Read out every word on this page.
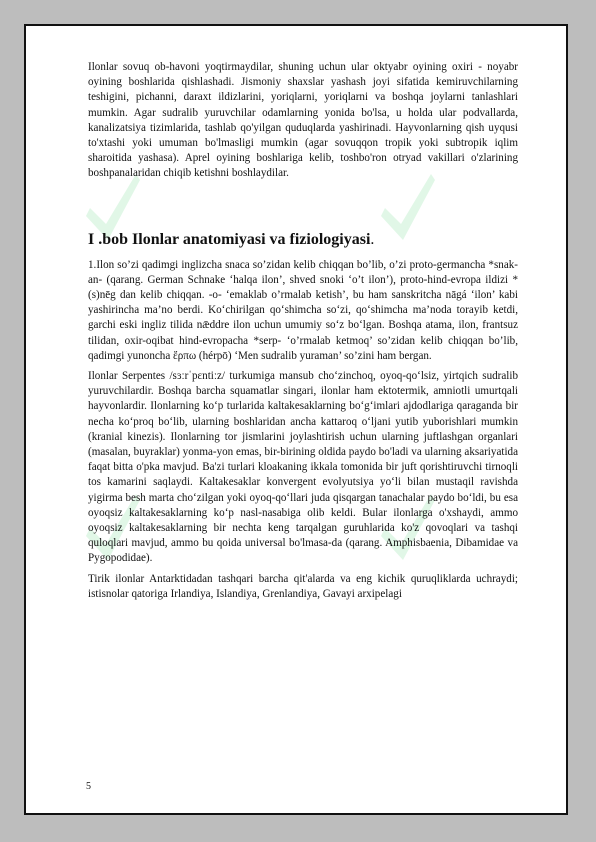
Ilonlar sovuq ob-havoni yoqtirmaydilar, shuning uchun ular oktyabr oyining oxiri - noyabr oyining boshlarida qishlashadi. Jismoniy shaxslar yashash joyi sifatida kemiruvchilarning teshigini, pichanni, daraxt ildizlarini, yoriqlarni, yoriqlarni va boshqa joylarni tanlashlari mumkin. Agar sudralib yuruvchilar odamlarning yonida bo'lsa, u holda ular podvallarda, kanalizatsiya tizimlarida, tashlab qo'yilgan quduqlarda yashirinadi. Hayvonlarning qish uyqusi to'xtashi yoki umuman bo'lmasligi mumkin (agar sovuqqon tropik yoki subtropik iqlim sharoitida yashasa). Aprel oyining boshlariga kelib, toshbo'ron otryad vakillari o'zlarining boshpanalaridan chiqib ketishni boshlaydilar.

I .bob Ilonlar anatomiyasi va fiziologiyasi.

1.Ilon so’zi qadimgi inglizcha snaca so’zidan kelib chiqqan bo’lib, o’zi proto-germancha *snak-an- (qarang. German Schnake ‘halqa ilon’, shved snoki ‘o’t ilon’), proto-hind-evropa ildizi *(s)nēg dan kelib chiqqan. -o- ‘emaklab o’rmalab ketish’, bu ham sanskritcha nāgá ‘ilon’ kabi yashirincha ma’no berdi. Ko‘chirilgan qo‘shimcha so‘zi, qo‘shimcha ma’noda torayib ketdi, garchi eski ingliz tilida nǣddre ilon uchun umumiy so‘z bo‘lgan. Boshqa atama, ilon, frantsuz tilidan, oxir-oqibat hind-evropacha *serp- ‘o’rmalab ketmoq’ so’zidan kelib chiqqan bo’lib, qadimgi yunoncha ἕρπω (hérpō) ‘Men sudralib yuraman’ so’zini ham bergan.

Ilonlar Serpentes /sɜːrˈpɛntiːz/ turkumiga mansub cho‘zinchoq, oyoq-qo‘lsiz, yirtqich sudralib yuruvchilardir. Boshqa barcha squamatlar singari, ilonlar ham ektotermik, amniotli umurtqali hayvonlardir. Ilonlarning ko‘p turlarida kaltakesaklarning bo‘g‘imlari ajdodlariga qaraganda bir necha ko‘proq bo‘lib, ularning boshlaridan ancha kattaroq o‘ljani yutib yuborishlari mumkin (kranial kinezis). Ilonlarning tor jismlarini joylashtirish uchun ularning juftlashgan organlari (masalan, buyraklar) yonma-yon emas, bir-birining oldida paydo bo'ladi va ularning aksariyatida faqat bitta o'pka mavjud. Ba'zi turlari kloakaning ikkala tomonida bir juft qorishtiruvchi tirnoqli tos kamarini saqlaydi. Kaltakesaklar konvergent evolyutsiya yo‘li bilan mustaqil ravishda yigirma besh marta cho‘zilgan yoki oyoq-qo‘llari juda qisqargan tanachalar paydo bo‘ldi, bu esa oyoqsiz kaltakesaklarning ko‘p nasl-nasabiga olib keldi. Bular ilonlarga o'xshaydi, ammo oyoqsiz kaltakesaklarning bir nechta keng tarqalgan guruhlarida ko'z qovoqlari va tashqi quloqlari mavjud, ammo bu qoida universal bo'lmasa-da (qarang. Amphisbaenia, Dibamidae va Pygopodidae).

Tirik ilonlar Antarktidadan tashqari barcha qit'alarda va eng kichik quruqliklarda uchraydi; istisnolar qatoriga Irlandiya, Islandiya, Grenlandiya, Gavayi arxipelagi

5
